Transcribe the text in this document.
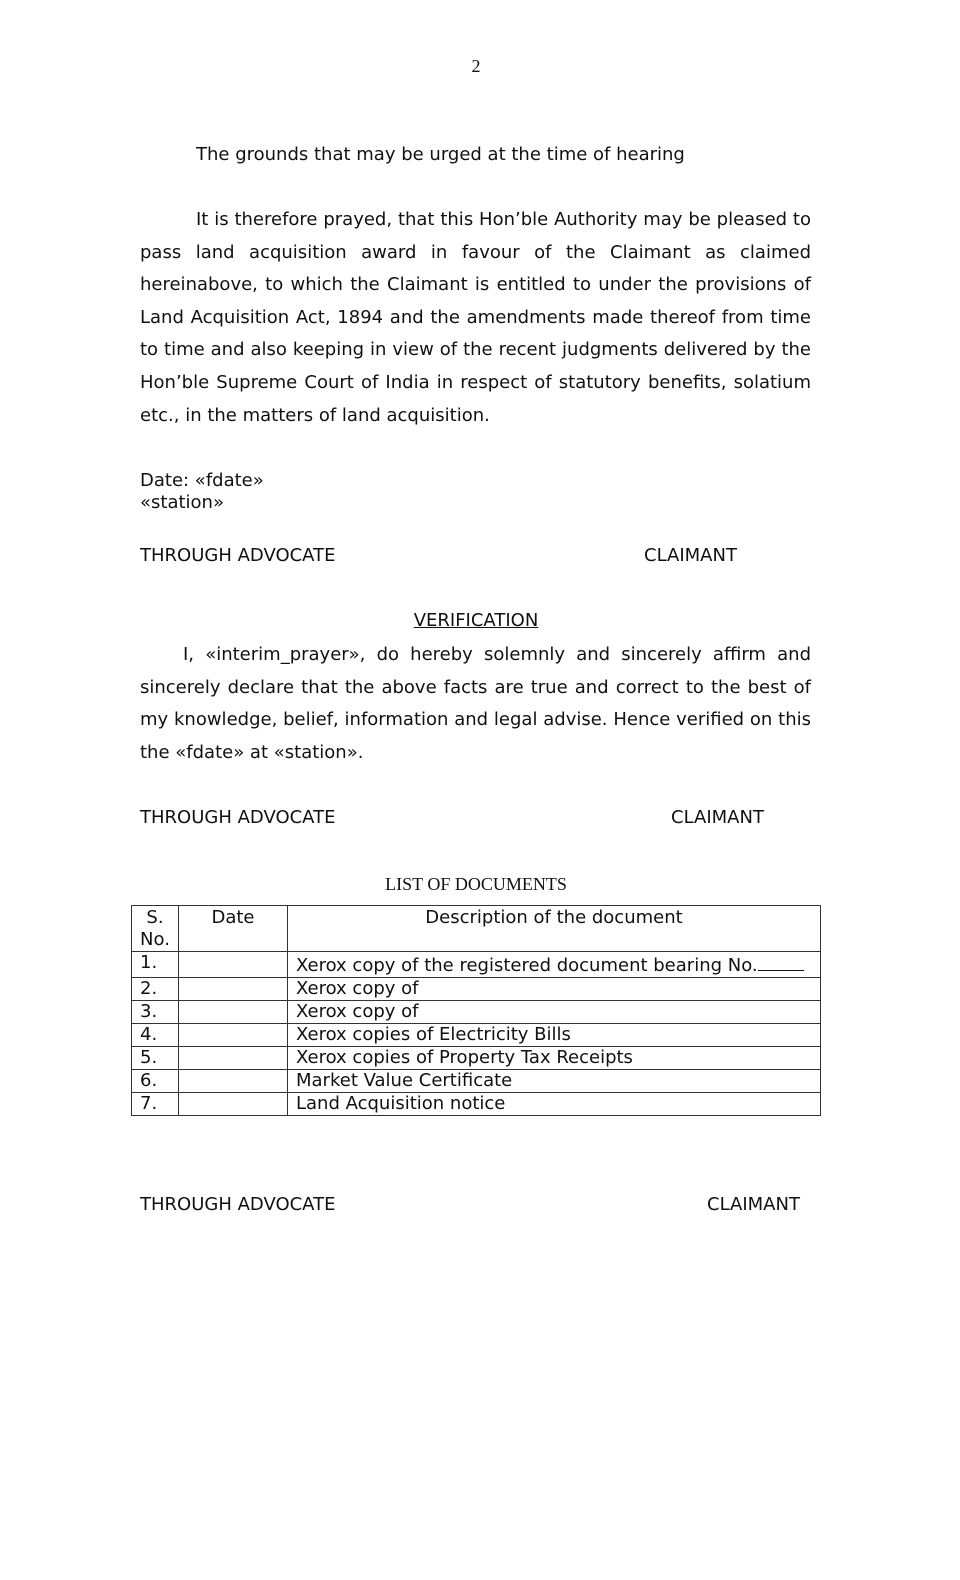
2
The grounds that may be urged at the time of hearing

It is therefore prayed, that this Hon’ble Authority may be pleased to pass land acquisition award in favour of the Claimant as claimed hereinabove, to which the Claimant is entitled to under the provisions of Land Acquisition Act, 1894 and the amendments made thereof from time to time and also keeping in view of the recent judgments delivered by the Hon’ble Supreme Court of India in respect of statutory benefits, solatium etc., in the matters of land acquisition.

Date: «fdate»
«station»
THROUGH ADVOCATE	CLAIMANT
VERIFICATION

I, «interim_prayer», do hereby solemnly and sincerely affirm and sincerely declare that the above facts are true and correct to the best of my knowledge, belief, information and legal advise. Hence verified on this the «fdate» at «station».

THROUGH ADVOCATE	CLAIMANT
LIST OF DOCUMENTS
S.No.	Date	Description of the document
1.		Xerox copy of the registered document bearing No.
2.		Xerox copy of
3.		Xerox copy of
4.		Xerox copies of Electricity Bills
5.		Xerox copies of Property Tax Receipts
6.		Market Value Certificate
7.		Land Acquisition notice
THROUGH ADVOCATE	CLAIMANT
